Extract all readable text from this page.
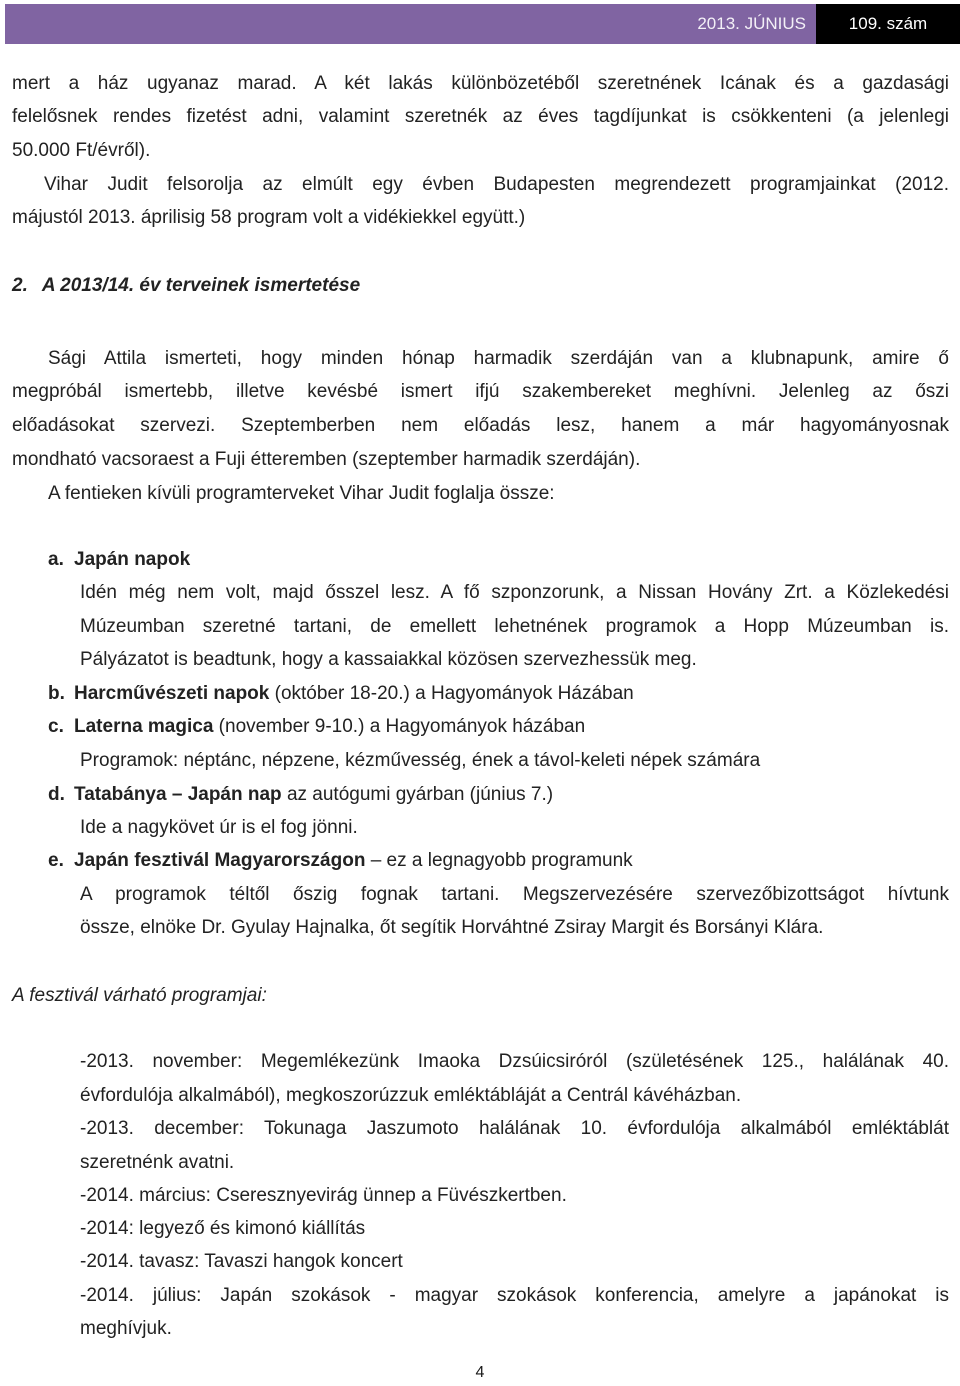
2013. JÚNIUS	109. szám

mert a ház ugyanaz marad. A két lakás különbözetéből szeretnének Icának és a gazdasági

felelősnek rendes fizetést adni, valamint szeretnék az éves tagdíjunkat is csökkenteni (a jelenlegi

50.000 Ft/évről).

Vihar Judit felsorolja az elmúlt egy évben Budapesten megrendezett programjainkat (2012.

májustól 2013. áprilisig 58 program volt a vidékiekkel együtt.)

2. A 2013/14. év terveinek ismertetése

Sági Attila ismerteti, hogy minden hónap harmadik szerdáján van a klubnapunk, amire ő

megpróbál ismertebb, illetve kevésbé ismert ifjú szakembereket meghívni. Jelenleg az őszi

előadásokat szervezi. Szeptemberben nem előadás lesz, hanem a már hagyományosnak

mondható vacsoraest a Fuji étteremben (szeptember harmadik szerdáján).

A fentieken kívüli programterveket Vihar Judit foglalja össze:

a. Japán napok

Idén még nem volt, majd ősszel lesz. A fő szponzorunk, a Nissan Hovány Zrt. a Közlekedési

Múzeumban szeretné tartani, de emellett lehetnének programok a Hopp Múzeumban is.

Pályázatot is beadtunk, hogy a kassaiakkal közösen szervezhessük meg.

b. Harcművészeti napok (október 18-20.) a Hagyományok Házában

c. Laterna magica (november 9-10.) a Hagyományok házában

Programok: néptánc, népzene, kézművesség, ének a távol-keleti népek számára

d. Tatabánya – Japán nap az autógumi gyárban (június 7.)

Ide a nagykövet úr is el fog jönni.

e. Japán fesztivál Magyarországon – ez a legnagyobb programunk

A programok téltől őszig fognak tartani. Megszervezésére szervezőbizottságot hívtunk

össze, elnöke Dr. Gyulay Hajnalka, őt segítik Horváhtné Zsiray Margit és Borsányi Klára.

A fesztivál várható programjai:

-2013. november: Megemlékezünk Imaoka Dzsúicsiróról (születésének 125., halálának 40.

évfordulója alkalmából), megkoszorúzzuk emléktábláját a Centrál kávéházban.

-2013. december: Tokunaga Jaszumoto halálának 10. évfordulója alkalmából emléktáblát

szeretnénk avatni.

-2014. március: Cseresznyevirág ünnep a Füvészkertben.

-2014: legyező és kimonó kiállítás

-2014. tavasz: Tavaszi hangok koncert

-2014. július: Japán szokások - magyar szokások konferencia, amelyre a japánokat is

meghívjuk.

4
